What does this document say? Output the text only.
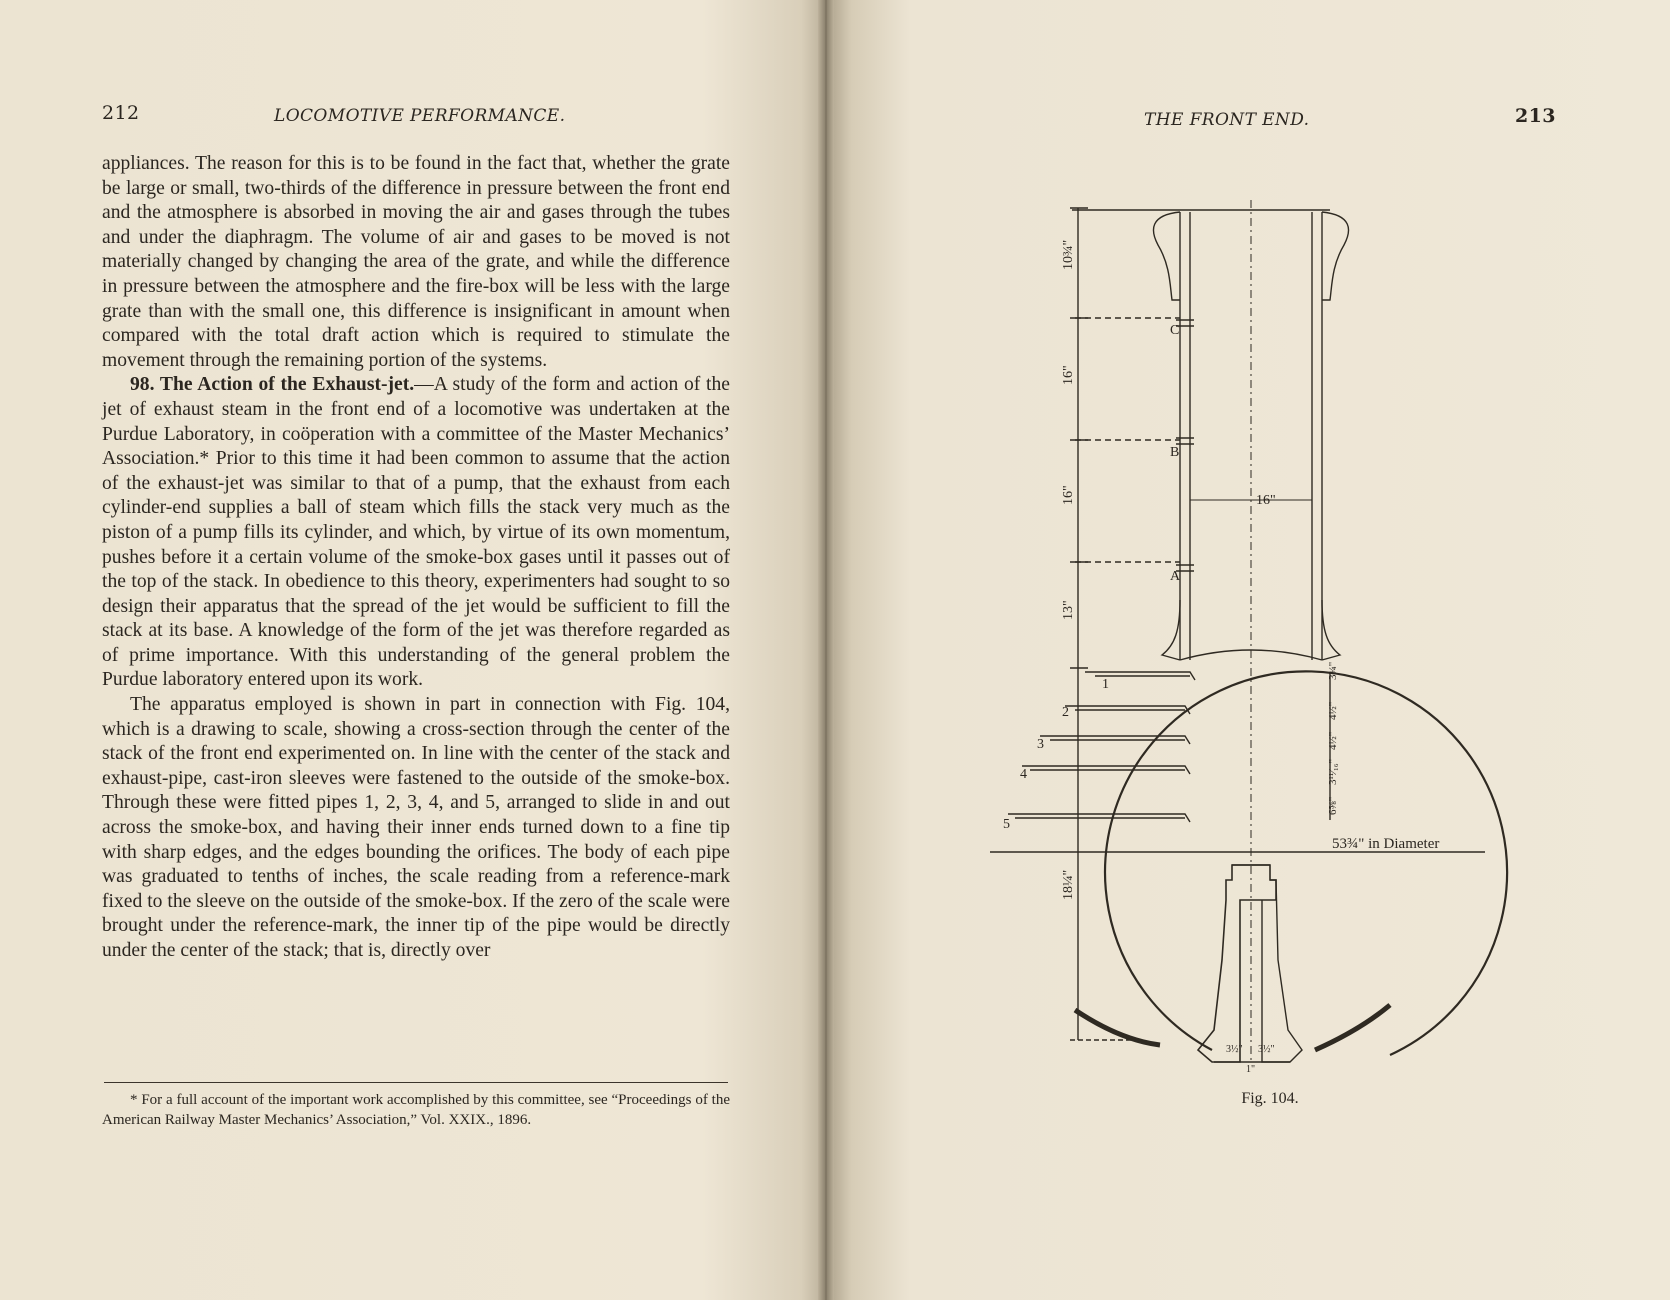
212	LOCOMOTIVE PERFORMANCE.

appliances. The reason for this is to be found in the fact that, whether the grate be large or small, two-thirds of the difference in pressure between the front end and the atmosphere is absorbed in moving the air and gases through the tubes and under the diaphragm. The volume of air and gases to be moved is not materially changed by changing the area of the grate, and while the difference in pressure between the atmosphere and the fire-box will be less with the large grate than with the small one, this difference is insignificant in amount when compared with the total draft action which is required to stimulate the movement through the remaining portion of the systems.

98. The Action of the Exhaust-jet.—A study of the form and action of the jet of exhaust steam in the front end of a locomotive was undertaken at the Purdue Laboratory, in coöperation with a committee of the Master Mechanics’ Association.* Prior to this time it had been common to assume that the action of the exhaust-jet was similar to that of a pump, that the exhaust from each cylinder-end supplies a ball of steam which fills the stack very much as the piston of a pump fills its cylinder, and which, by virtue of its own momentum, pushes before it a certain volume of the smoke-box gases until it passes out of the top of the stack. In obedience to this theory, experimenters had sought to so design their apparatus that the spread of the jet would be sufficient to fill the stack at its base. A knowledge of the form of the jet was therefore regarded as of prime importance. With this understanding of the general problem the Purdue laboratory entered upon its work.

The apparatus employed is shown in part in connection with Fig. 104, which is a drawing to scale, showing a cross-section through the center of the stack of the front end experimented on. In line with the center of the stack and exhaust-pipe, cast-iron sleeves were fastened to the outside of the smoke-box. Through these were fitted pipes 1, 2, 3, 4, and 5, arranged to slide in and out across the smoke-box, and having their inner ends turned down to a fine tip with sharp edges, and the edges bounding the orifices. The body of each pipe was graduated to tenths of inches, the scale reading from a reference-mark fixed to the sleeve on the outside of the smoke-box. If the zero of the scale were brought under the reference-mark, the inner tip of the pipe would be directly under the center of the stack; that is, directly over

* For a full account of the important work accomplished by this committee, see “Proceedings of the American Railway Master Mechanics’ Association,” Vol. XXIX., 1896.
THE FRONT END.	213
C
B
A
1
2
3
4
5
16"
53¾" in Diameter
10¾"
16"
16"
13"
18¼"
3¾"
4½"
4½"
3¹¹⁄₁₆"
6⅝"
3½" 3½"
1"
Fig. 104.
